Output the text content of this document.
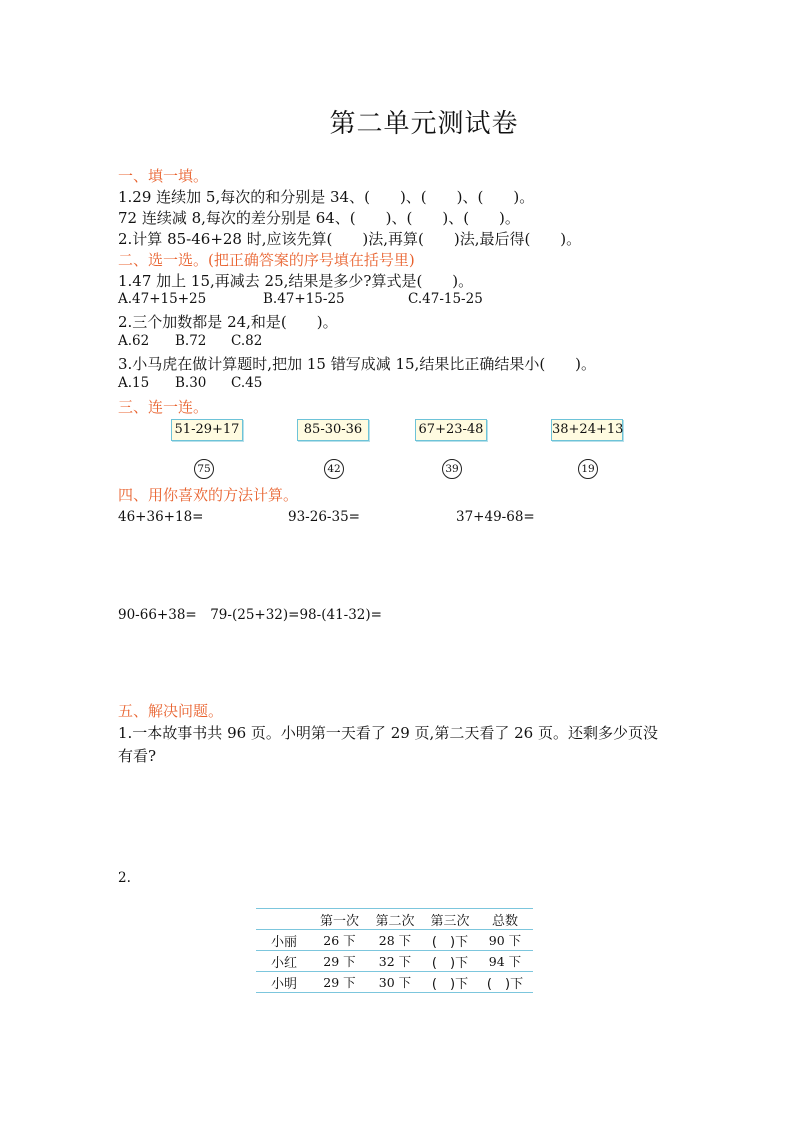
第二单元测试卷
一、填一填。
1.29 连续加 5,每次的和分别是 34、(　　)、(　　)、(　　)。
72 连续减 8,每次的差分别是 64、(　　)、(　　)、(　　)。
2.计算 85-46+28 时,应该先算(　　)法,再算(　　)法,最后得(　　)。
二、选一选。(把正确答案的序号填在括号里)
1.47 加上 15,再减去 25,结果是多少?算式是(　　)。
A.47+15+25	B.47+15-25	C.47-15-25
2.三个加数都是 24,和是(　　)。
A.62 B.72 C.82
3.小马虎在做计算题时,把加 15 错写成减 15,结果比正确结果小(　　)。
A.15 B.30 C.45
三、连一连。
51-29+17	85-30-36	67+23-48	38+24+13
75	42	39	19
四、用你喜欢的方法计算。
46+36+18=	93-26-35=	37+49-68=
90-66+38=　79-(25+32)=98-(41-32)=
五、解决问题。
1.一本故事书共 96 页。小明第一天看了 29 页,第二天看了 26 页。还剩多少页没
有看?
2.
	第一次	第二次	第三次	总数
小丽	26 下	28 下	(　)下	90 下
小红	29 下	32 下	(　)下	94 下
小明	29 下	30 下	(　)下	(　)下
